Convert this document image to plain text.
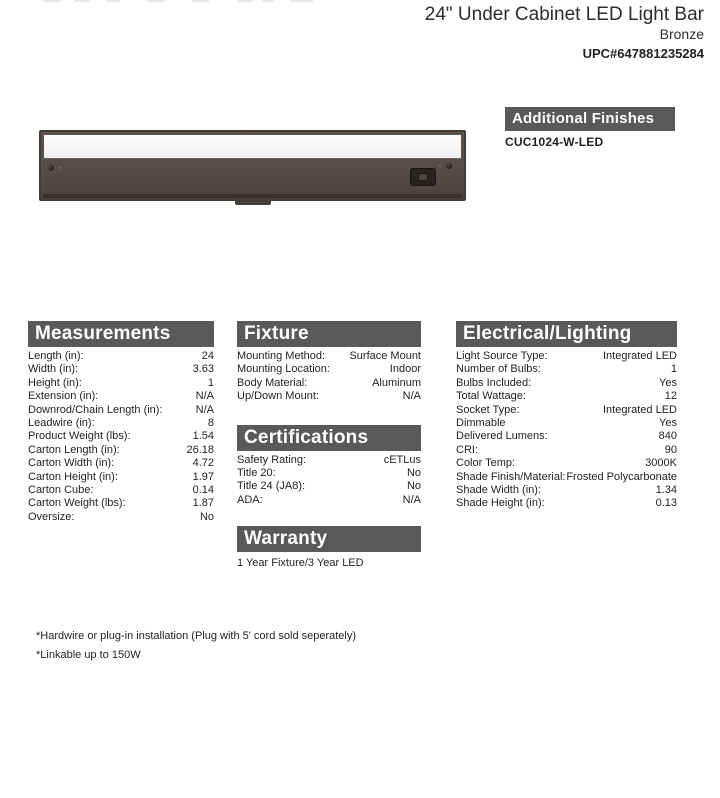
24" Under Cabinet LED Light Bar
Bronze
UPC#647881235284
Additional Finishes
CUC1024-W-LED
Measurements
Length (in):	24
Width (in):	3.63
Height (in):	1
Extension (in):	N/A
Downrod/Chain Length (in):	N/A
Leadwire (in):	8
Product Weight (lbs):	1.54
Carton Length (in):	26.18
Carton Width (in):	4.72
Carton Height (in):	1.97
Carton Cube:	0.14
Carton Weight (lbs):	1.87
Oversize:	No
Fixture
Mounting Method: Surface Mount
Mounting Location:	Indoor
Body Material:	Aluminum
Up/Down Mount:	N/A
Certifications
Safety Rating:	cETLus
Title 20:	No
Title 24 (JA8):	No
ADA:	N/A
Warranty
1 Year Fixture/3 Year LED
Electrical/Lighting
Light Source Type:	Integrated LED
Number of Bulbs:	1
Bulbs Included:	Yes
Total Wattage:	12
Socket Type:	Integrated LED
Dimmable	Yes
Delivered Lumens:	840
CRI:	90
Color Temp:	3000K
Shade Finish/Material: Frosted Polycarbonate
Shade Width (in):	1.34
Shade Height (in):	0.13
*Hardwire or plug-in installation (Plug with 5' cord sold seperately)
*Linkable up to 150W
